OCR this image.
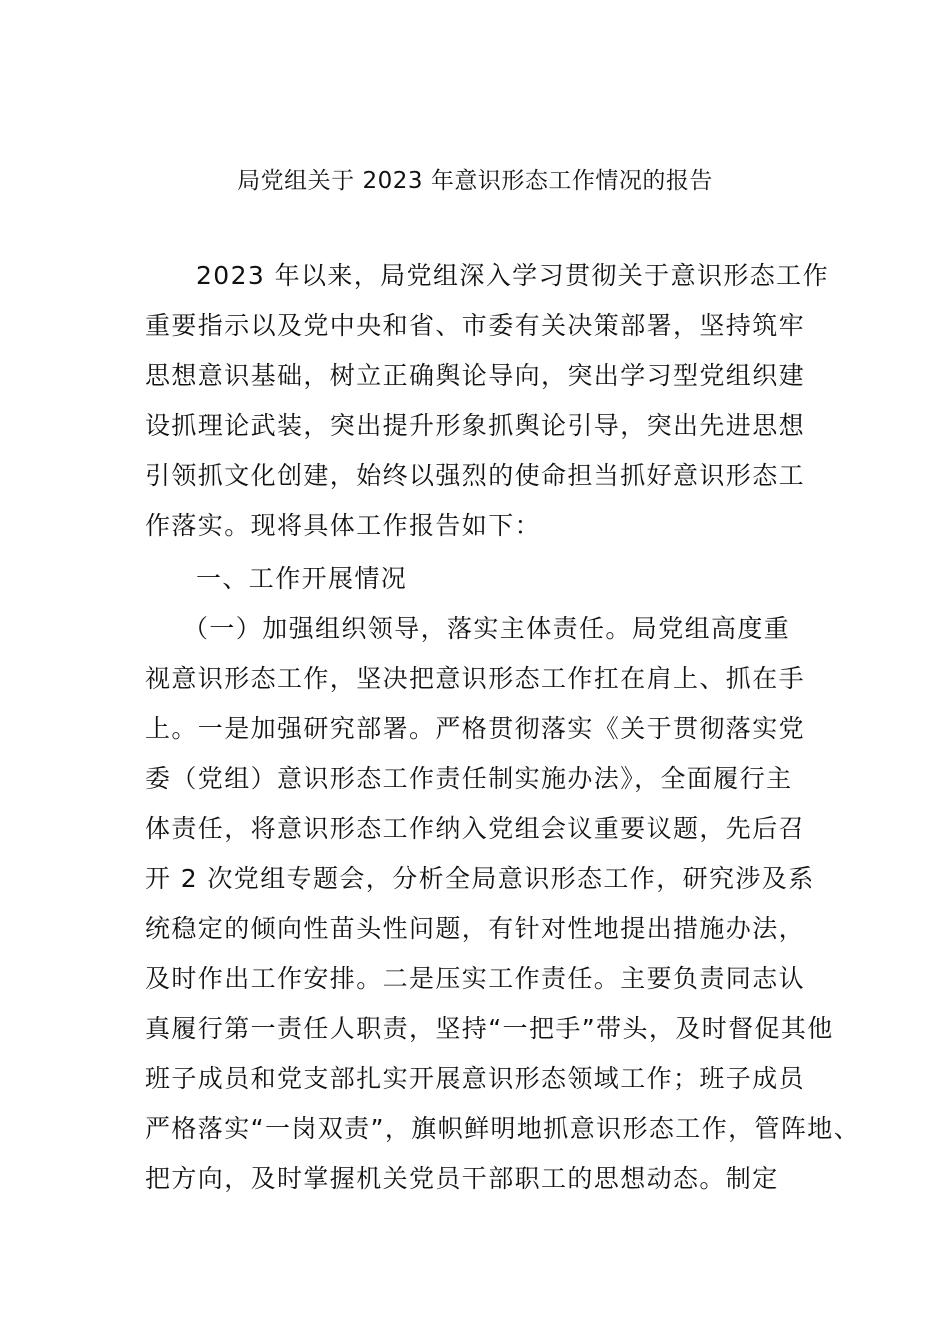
局党组关于 2023 年意识形态工作情况的报告
2023 年以来，局党组深入学习贯彻关于意识形态工作
重要指示以及党中央和省、市委有关决策部署，坚持筑牢
思想意识基础，树立正确舆论导向，突出学习型党组织建
设抓理论武装，突出提升形象抓舆论引导，突出先进思想
引领抓文化创建，始终以强烈的使命担当抓好意识形态工
作落实。现将具体工作报告如下：
一、工作开展情况
（一）加强组织领导，落实主体责任。局党组高度重
视意识形态工作，坚决把意识形态工作扛在肩上、抓在手
上。一是加强研究部署。严格贯彻落实《关于贯彻落实党
委（党组）意识形态工作责任制实施办法》，全面履行主
体责任，将意识形态工作纳入党组会议重要议题，先后召
开 2 次党组专题会，分析全局意识形态工作，研究涉及系
统稳定的倾向性苗头性问题，有针对性地提出措施办法，
及时作出工作安排。二是压实工作责任。主要负责同志认
真履行第一责任人职责，坚持“一把手”带头，及时督促其他
班子成员和党支部扎实开展意识形态领域工作；班子成员
严格落实“一岗双责”，旗帜鲜明地抓意识形态工作，管阵地、
把方向，及时掌握机关党员干部职工的思想动态。制定
